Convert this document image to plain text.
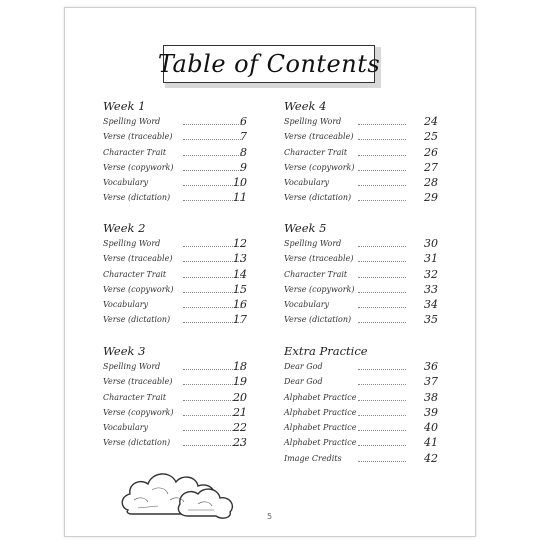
Table of Contents
Week 1
Spelling Word	6
Verse (traceable)	7
Character Trait	8
Verse (copywork)	9
Vocabulary	10
Verse (dictation)	11
Week 2
Spelling Word	12
Verse (traceable)	13
Character Trait	14
Verse (copywork)	15
Vocabulary	16
Verse (dictation)	17
Week 3
Spelling Word	18
Verse (traceable)	19
Character Trait	20
Verse (copywork)	21
Vocabulary	22
Verse (dictation)	23
Week 4
Spelling Word	24
Verse (traceable)	25
Character Trait	26
Verse (copywork)	27
Vocabulary	28
Verse (dictation)	29
Week 5
Spelling Word	30
Verse (traceable)	31
Character Trait	32
Verse (copywork)	33
Vocabulary	34
Verse (dictation)	35
Extra Practice
Dear God	36
Dear God	37
Alphabet Practice	38
Alphabet Practice	39
Alphabet Practice	40
Alphabet Practice	41
Image Credits	42
5
